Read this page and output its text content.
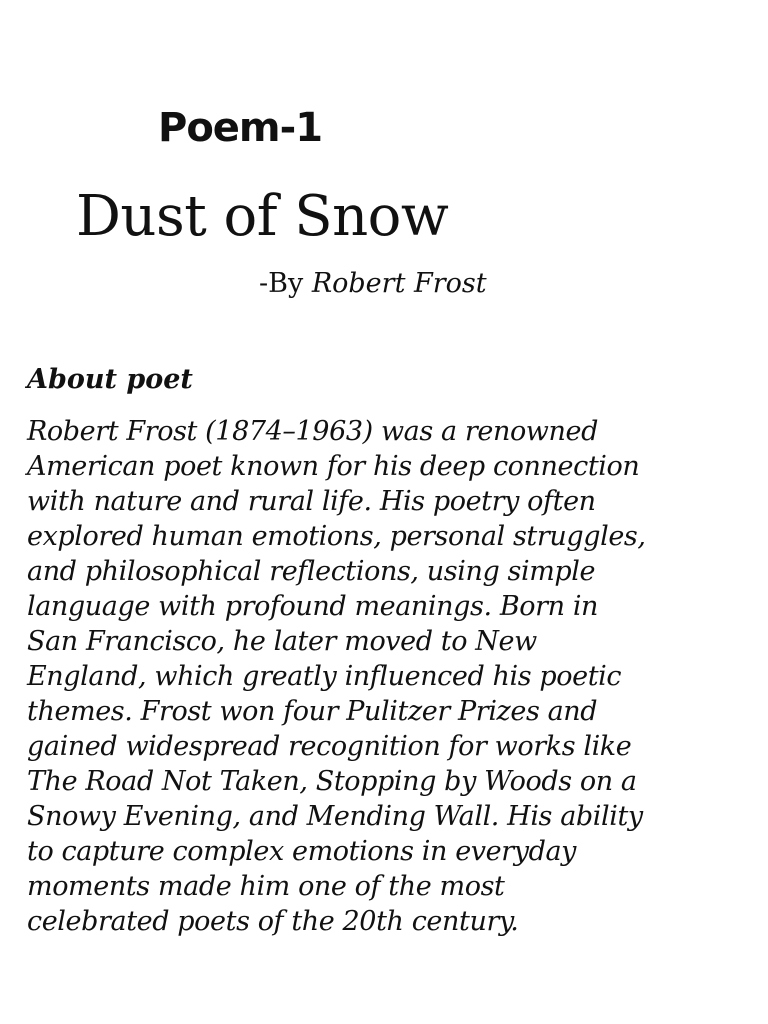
Poem-1
Dust of Snow
-By Robert Frost
About poet

Robert Frost (1874–1963) was a renowned
American poet known for his deep connection
with nature and rural life. His poetry often
explored human emotions, personal struggles,
and philosophical reflections, using simple
language with profound meanings. Born in
San Francisco, he later moved to New
England, which greatly influenced his poetic
themes. Frost won four Pulitzer Prizes and
gained widespread recognition for works like
The Road Not Taken, Stopping by Woods on a
Snowy Evening, and Mending Wall. His ability
to capture complex emotions in everyday
moments made him one of the most
celebrated poets of the 20th century.
